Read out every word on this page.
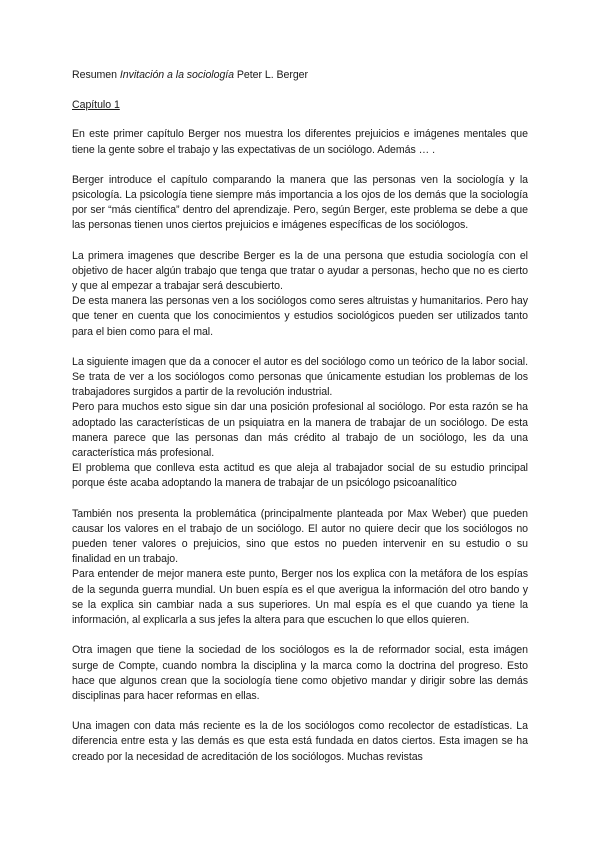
Resumen Invitación a la sociología Peter L. Berger
Capítulo 1

En este primer capítulo Berger nos muestra los diferentes prejuicios e imágenes mentales que tiene la gente sobre el trabajo y las expectativas de un sociólogo. Además … .

Berger introduce el capítulo comparando la manera que las personas ven la sociología y la psicología. La psicología tiene siempre más importancia a los ojos de los demás que la sociología por ser “más científica” dentro del aprendizaje. Pero, según Berger, este problema se debe a que las personas tienen unos ciertos prejuicios e imágenes específicas de los sociólogos.

La primera imagenes que describe Berger es la de una persona que estudia sociología con el objetivo de hacer algún trabajo que tenga que tratar o ayudar a personas, hecho que no es cierto y que al empezar a trabajar será descubierto.

De esta manera las personas ven a los sociólogos como seres altruistas y humanitarios. Pero hay que tener en cuenta que los conocimientos y estudios sociológicos pueden ser utilizados tanto para el bien como para el mal.

La siguiente imagen que da a conocer el autor es del sociólogo como un teórico de la labor social. Se trata de ver a los sociólogos como personas que únicamente estudian los problemas de los trabajadores surgidos a partir de la revolución industrial.

Pero para muchos esto sigue sin dar una posición profesional al sociólogo. Por esta razón se ha adoptado las características de un psiquiatra en la manera de trabajar de un sociólogo. De esta manera parece que las personas dan más crédito al trabajo de un sociólogo, les da una característica más profesional.

El problema que conlleva esta actitud es que aleja al trabajador social de su estudio principal porque éste acaba adoptando la manera de trabajar de un psicólogo psicoanalítico

También nos presenta la problemática (principalmente planteada por Max Weber) que pueden causar los valores en el trabajo de un sociólogo. El autor no quiere decir que los sociólogos no pueden tener valores o prejuicios, sino que estos no pueden intervenir en su estudio o su finalidad en un trabajo.

Para entender de mejor manera este punto, Berger nos los explica con la metáfora de los espías de la segunda guerra mundial. Un buen espía es el que averigua la información del otro bando y se la explica sin cambiar nada a sus superiores. Un mal espía es el que cuando ya tiene la información, al explicarla a sus jefes la altera para que escuchen lo que ellos quieren.

Otra imagen que tiene la sociedad de los sociólogos es la de reformador social, esta imágen surge de Compte, cuando nombra la disciplina y la marca como la doctrina del progreso. Esto hace que algunos crean que la sociología tiene como objetivo mandar y dirigir sobre las demás disciplinas para hacer reformas en ellas.

Una imagen con data más reciente es la de los sociólogos como recolector de estadísticas. La diferencia entre esta y las demás es que esta está fundada en datos ciertos. Esta imagen se ha creado por la necesidad de acreditación de los sociólogos. Muchas revistas
